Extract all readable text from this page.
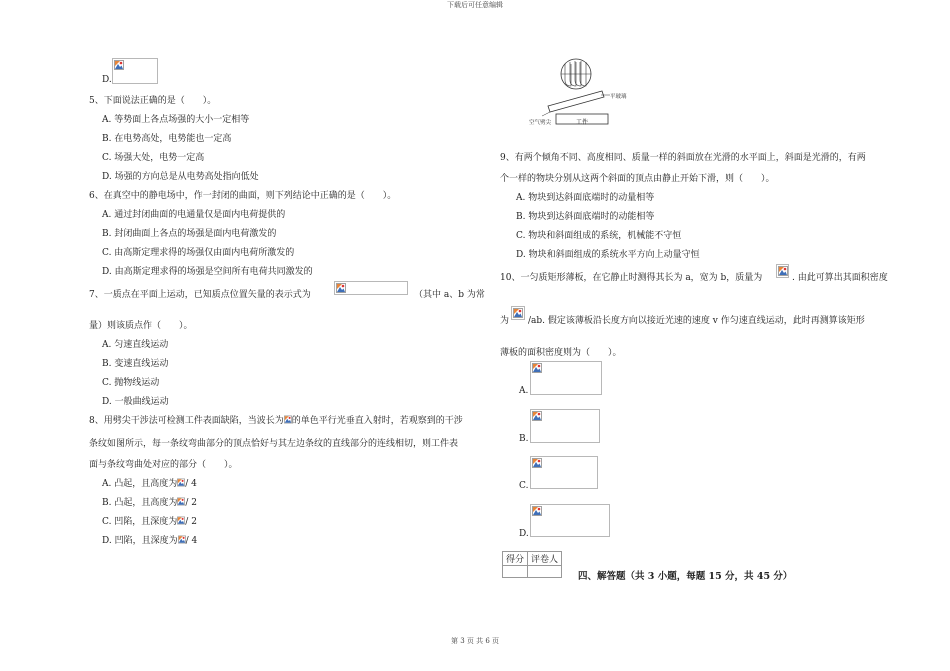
下载后可任意编辑
D.
5、下面说法正确的是（　　）。
A. 等势面上各点场强的大小一定相等
B. 在电势高处，电势能也一定高
C. 场强大处，电势一定高
D. 场强的方向总是从电势高处指向低处
6、在真空中的静电场中，作一封闭的曲面，则下列结论中正确的是（　　）。
A. 通过封闭曲面的电通量仅是面内电荷提供的
B. 封闭曲面上各点的场强是面内电荷激发的
C. 由高斯定理求得的场强仅由面内电荷所激发的
D. 由高斯定理求得的场强是空间所有电荷共同激发的
7、一质点在平面上运动，已知质点位置矢量的表示式为	（其中 a、b 为常
量）则该质点作（　　）。
A. 匀速直线运动
B. 变速直线运动
C. 抛物线运动
D. 一般曲线运动
8、用劈尖干涉法可检测工件表面缺陷，当波长为 的单色平行光垂直入射时，若观察到的干涉
条纹如图所示，每一条纹弯曲部分的顶点恰好与其左边条纹的直线部分的连线相切，则工件表
面与条纹弯曲处对应的部分（　　）。
A. 凸起，且高度为 / 4
B. 凸起，且高度为 / 2
C. 凹陷，且深度为 / 2
D. 凹陷，且深度为 / 4
平玻璃
空气劈尖	工件
9、有两个倾角不同、高度相同、质量一样的斜面放在光滑的水平面上，斜面是光滑的，有两
个一样的物块分别从这两个斜面的顶点由静止开始下滑，则（　　）。
A. 物块到达斜面底端时的动量相等
B. 物块到达斜面底端时的动能相等
C. 物块和斜面组成的系统，机械能不守恒
D. 物块和斜面组成的系统水平方向上动量守恒
10、一匀质矩形薄板，在它静止时测得其长为 a，宽为 b，质量为	. 由此可算出其面积密度
为 /ab. 假定该薄板沿长度方向以接近光速的速度 v 作匀速直线运动，此时再测算该矩形
薄板的面积密度则为（　　）。
A.
B.
C.
D.
得分	评卷人

四、解答题（共 3 小题，每题 15 分，共 45 分）
第 3 页 共 6 页
